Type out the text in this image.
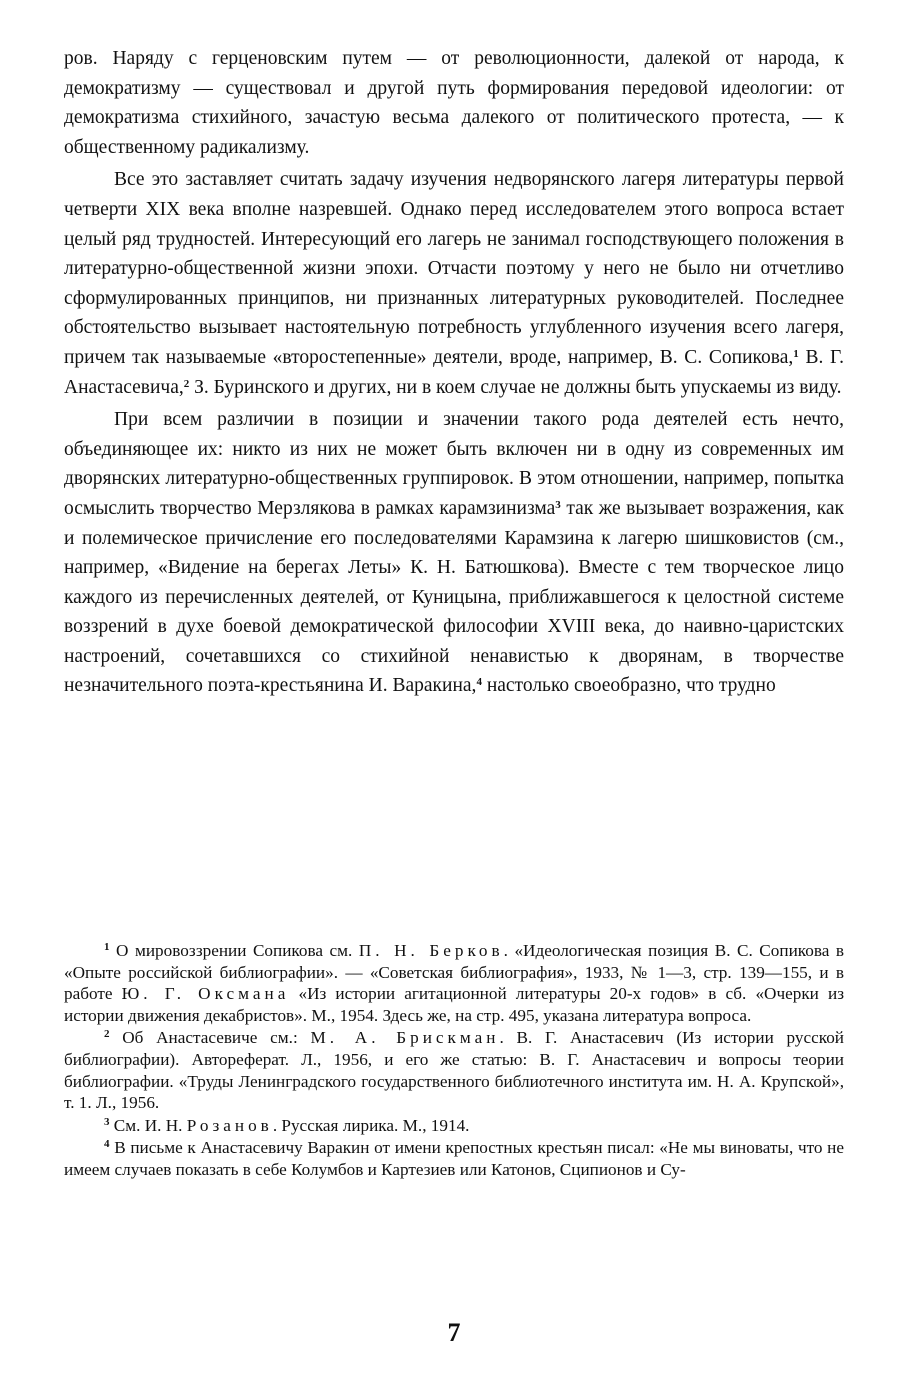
ров. Наряду с герценовским путем — от революционности, далекой от народа, к демократизму — существовал и другой путь формирования передовой идеологии: от демократизма стихийного, зачастую весьма далекого от политического протеста, — к общественному радикализму.

Все это заставляет считать задачу изучения недворянского лагеря литературы первой четверти XIX века вполне назревшей. Однако перед исследователем этого вопроса встает целый ряд трудностей. Интересующий его лагерь не занимал господствующего положения в литературно-общественной жизни эпохи. Отчасти поэтому у него не было ни отчетливо сформулированных принципов, ни признанных литературных руководителей. Последнее обстоятельство вызывает настоятельную потребность углубленного изучения всего лагеря, причем так называемые «второстепенные» деятели, вроде, например, В. С. Сопикова,$^1$ В. Г. Анастасевича,$^2$ З. Буринского и других, ни в коем случае не должны быть упускаемы из виду.

При всем различии в позиции и значении такого рода деятелей есть нечто, объединяющее их: никто из них не может быть включен ни в одну из современных им дворянских литературно-общественных группировок. В этом отношении, например, попытка осмыслить творчество Мерзлякова в рамках карамзинизма$^3$ так же вызывает возражения, как и полемическое причисление его последователями Карамзина к лагерю шишковистов (см., например, «Видение на берегах Леты» К. Н. Батюшкова). Вместе с тем творческое лицо каждого из перечисленных деятелей, от Куницына, приближавшегося к целостной системе воззрений в духе боевой демократической философии XVIII века, до наивно-царистских настроений, сочетавшихся со стихийной ненавистью к дворянам, в творчестве незначительного поэта-крестьянина И. Варакина,$^4$ настолько своеобразно, что трудно

$^1$ О мировоззрении Сопикова см. П. Н. Берков. «Идеологическая позиция В. С. Сопикова в «Опыте российской библиографии». — «Советская библиография», 1933, № 1—3, стр. 139—155, и в работе Ю. Г. Оксмана «Из истории агитационной литературы 20-х годов» в сб. «Очерки из истории движения декабристов». М., 1954. Здесь же, на стр. 495, указана литература вопроса.

$^2$ Об Анастасевиче см.: М. А. Брискман. В. Г. Анастасевич (Из истории русской библиографии). Автореферат. Л., 1956, и его же статью: В. Г. Анастасевич и вопросы теории библиографии. «Труды Ленинградского государственного библиотечного института им. Н. А. Крупской», т. 1. Л., 1956.

$^3$ См. И. Н. Розанов. Русская лирика. М., 1914.

$^4$ В письме к Анастасевичу Варакин от имени крепостных крестьян писал: «Не мы виноваты, что не имеем случаев показать в себе Колумбов и Картезиев или Катонов, Сципионов и Су-

7
